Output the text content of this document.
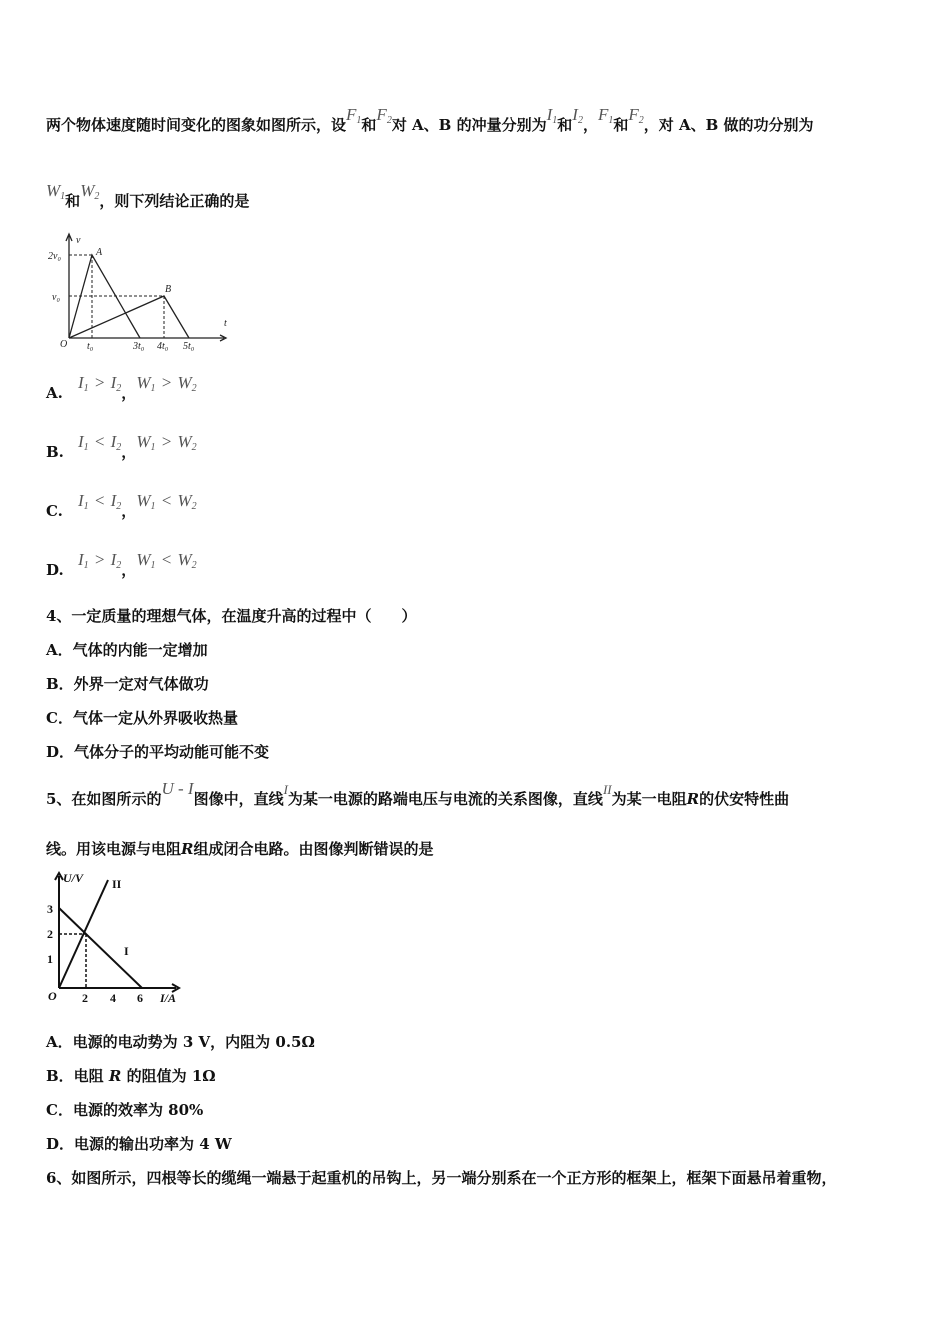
两个物体速度随时间变化的图象如图所示，设$F_1$和$F_2$对 A、B 的冲量分别为$I_1$和$I_2$，$F_1$和$F_2$，对 A、B 做的功分别为
$W_1$和$W_2$，则下列结论正确的是
v
t
O
2v₀
v₀
t₀	3t₀ 4t₀ 5t₀
A
B
$A.I_1 > I_2$，$W_1 > W_2$
$B.I_1 < I_2$，$W_1 > W_2$
$C.I_1 < I_2$，$W_1 < W_2$
$D.I_1 > I_2$，$W_1 < W_2$
4、一定质量的理想气体，在温度升高的过程中（　　）
A．气体的内能一定增加
B．外界一定对气体做功
C．气体一定从外界吸收热量
D．气体分子的平均动能可能不变
5、在如图所示的U - I图像中，直线I为某一电源的路端电压与电流的关系图像，直线II为某一电阻R的伏安特性曲
线。用该电源与电阻R组成闭合电路。由图像判断错误的是
U/V
I/A
O
3
2
1
2 4 6
I
II
A．电源的电动势为 3 V，内阻为 0.5Ω
B．电阻 R 的阻值为 1Ω
C．电源的效率为 80%
D．电源的输出功率为 4 W
6、如图所示，四根等长的缆绳一端悬于起重机的吊钩上，另一端分别系在一个正方形的框架上，框架下面悬吊着重物，
